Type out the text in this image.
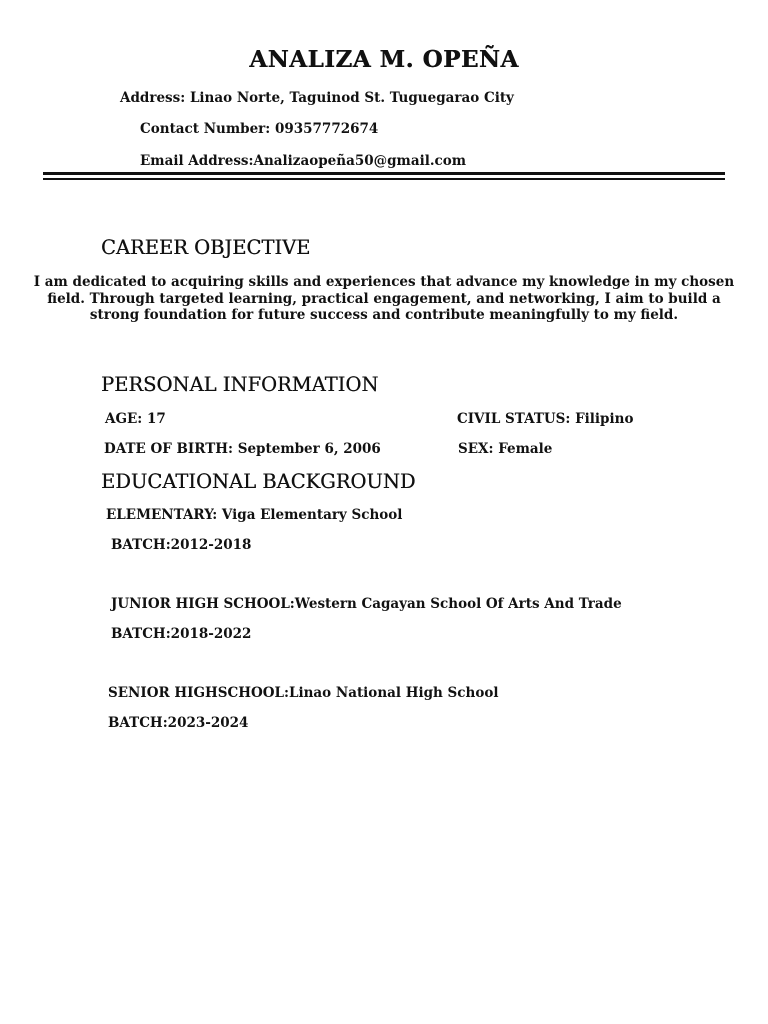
ANALIZA M. OPEÑA
Address: Linao Norte, Taguinod St. Tuguegarao City
Contact Number: 09357772674
Email Address:Analizaopeña50@gmail.com
CAREER OBJECTIVE
I am dedicated to acquiring skills and experiences that advance my knowledge in my chosen field. Through targeted learning, practical engagement, and networking, I aim to build a strong foundation for future success and contribute meaningfully to my field.
PERSONAL INFORMATION
AGE: 17	CIVIL STATUS: Filipino
DATE OF BIRTH: September 6, 2006	SEX: Female
EDUCATIONAL BACKGROUND
ELEMENTARY: Viga Elementary School
BATCH:2012-2018
JUNIOR HIGH SCHOOL:Western Cagayan School Of Arts And Trade
BATCH:2018-2022
SENIOR HIGHSCHOOL:Linao National High School
BATCH:2023-2024
